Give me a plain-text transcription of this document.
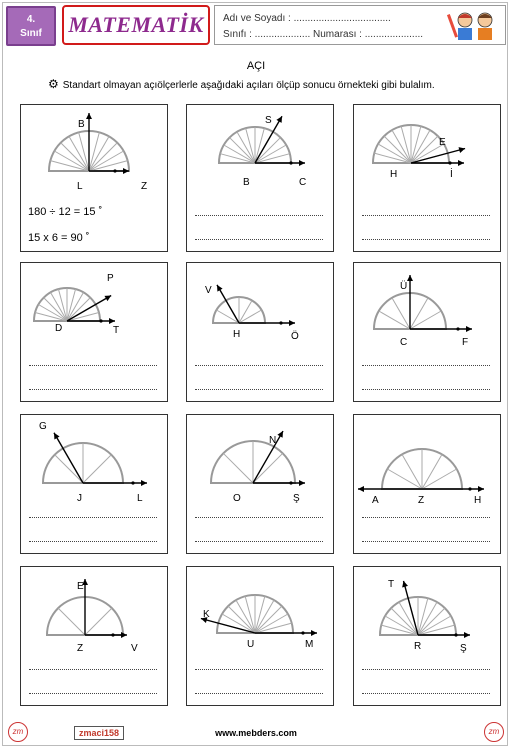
4.
Sınıf	MATEMATİK	Adı ve Soyadı : ...................................
Sınıfı : .................... Numarası : .....................
AÇI
⚙ Standart olmayan açıölçerlerle aşağıdaki açıları ölçüp sonucu örnekteki gibi bulalım.
B
L	Z
S
B	C
E
H	İ
P
D	T
V
H	Ö
Ü
C	F
G
J	L
N
O	Ş	A	Z	H
E
Z	V
K
U	M
T
R	Ş
180 ÷ 12 = 15 ˚
15 x 6 = 90 ˚
zm	zmaci158	www.mebders.com	zm
